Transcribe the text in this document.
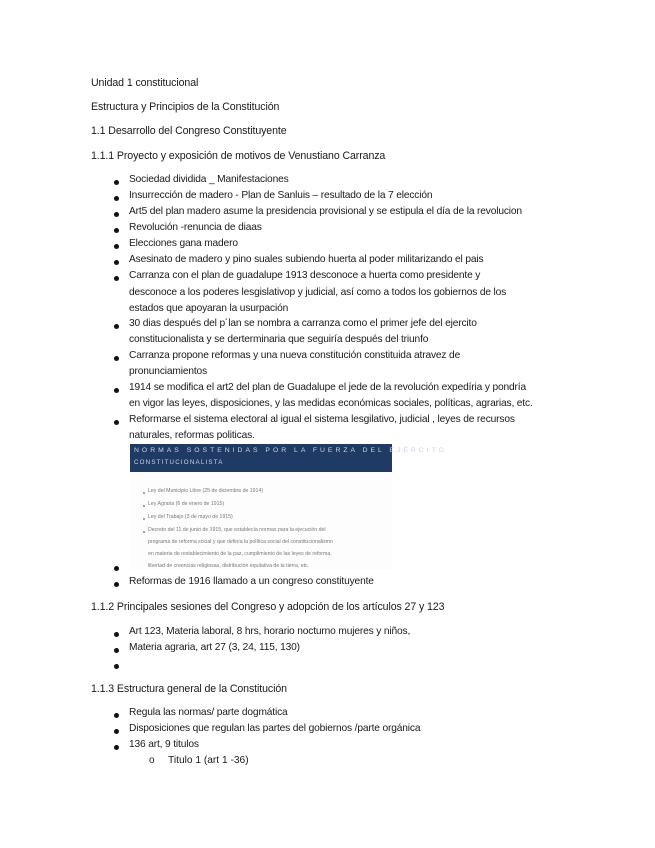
Unidad 1 constitucional
Estructura y Principios de la Constitución
1.1 Desarrollo del Congreso Constituyente
1.1.1 Proyecto y exposición de motivos de Venustiano Carranza
Sociedad dividida _ Manifestaciones
Insurrección de madero - Plan de Sanluis – resultado de la 7 elección
Art5 del plan madero asume la presidencia provisional y se estipula el día de la revolucion
Revolución -renuncia de diaas
Elecciones gana madero
Asesinato de madero y pino suales subiendo huerta al poder militarizando el pais
Carranza con el plan de guadalupe 1913 desconoce a huerta como presidente y
desconoce a los poderes lesgislativop y judicial, así como a todos los gobiernos de los
estados que apoyaran la usurpación
30 dias después del p´lan se nombra a carranza como el primer jefe del ejercito
constitucionalista y se derterminaria que seguiría después del triunfo
Carranza propone reformas y una nueva constitución constituida atravez de
pronunciamientos
1914 se modifica el art2 del plan de Guadalupe el jede de la revolución expedíria y pondría
en vigor las leyes, disposiciones, y las medidas económicas sociales, políticas, agrarias, etc.
Reformarse el sistema electoral al igual el sistema lesgilativo, judicial , leyes de recursos
naturales, reformas politicas.
NORMAS SOSTENIDAS POR LA FUERZA DEL EJÉRCITO
CONSTITUCIONALISTA
Ley del Municipio Libre (25 de diciembre de 1914)
Ley Agraria (6 de enero de 1915)
Ley del Trabajo (3 de mayo de 1915)
Decreto del 11 de junio de 1915, que establecía normas para la ejecución del
programa de reforma social y que definía la política social del constitucionalismo
en materia de restablecimiento de la paz, cumplimiento de las leyes de reforma,
libertad de creencias religiosas, distribución equitativa de la tierra, etc.
Reformas de 1916 llamado a un congreso constituyente
1.1.2 Principales sesiones del Congreso y adopción de los artículos 27 y 123
Art 123, Materia laboral, 8 hrs, horario nocturno mujeres y niños,
Materia agraria, art 27 (3, 24, 115, 130)
1.1.3 Estructura general de la Constitución
Regula las normas/ parte dogmática
Disposiciones que regulan las partes del gobiernos /parte orgánica
136 art, 9 titulos
o Titulo 1 (art 1 -36)
